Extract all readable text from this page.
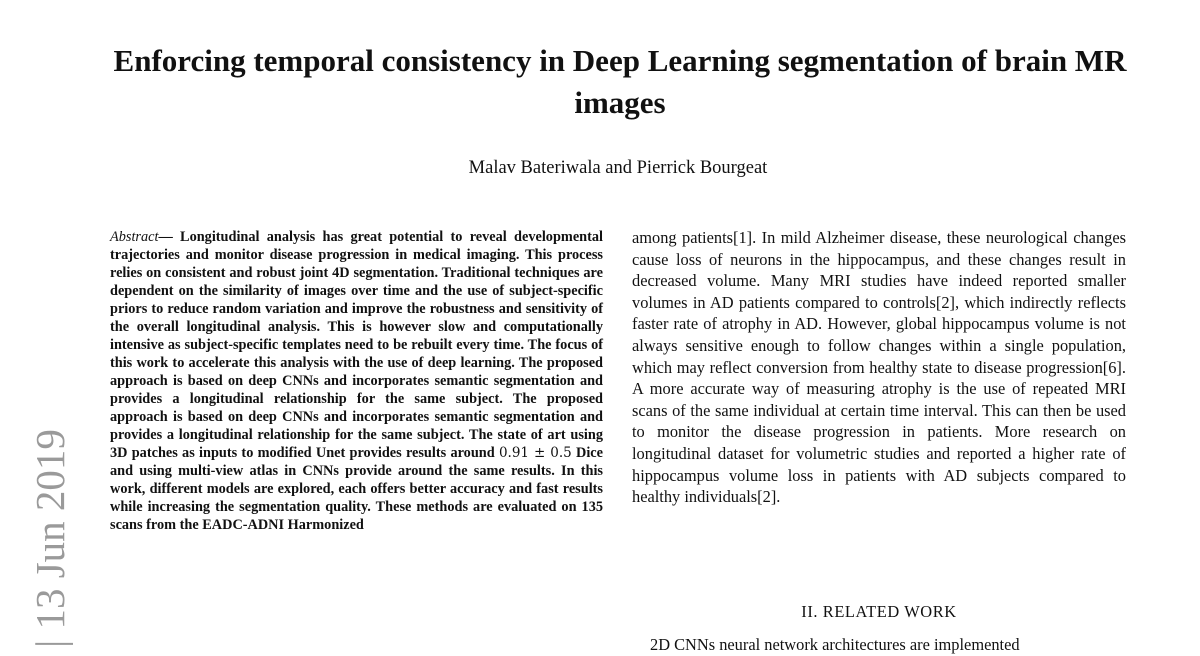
Enforcing temporal consistency in Deep Learning segmentation of brain MR images
Malav Bateriwala and Pierrick Bourgeat
| 13 Jun 2019
Abstract— Longitudinal analysis has great potential to reveal developmental trajectories and monitor disease progression in medical imaging. This process relies on consistent and robust joint 4D segmentation. Traditional techniques are dependent on the similarity of images over time and the use of subject-specific priors to reduce random variation and improve the robustness and sensitivity of the overall longitudinal analysis. This is however slow and computationally intensive as subject-specific templates need to be rebuilt every time. The focus of this work to accelerate this analysis with the use of deep learning. The proposed approach is based on deep CNNs and incorporates semantic segmentation and provides a longitudinal relationship for the same subject. The proposed approach is based on deep CNNs and incorporates semantic segmentation and provides a longitudinal relationship for the same subject. The state of art using 3D patches as inputs to modified Unet provides results around 0.91 ± 0.5 Dice and using multi-view atlas in CNNs provide around the same results. In this work, different models are explored, each offers better accuracy and fast results while increasing the segmentation quality. These methods are evaluated on 135 scans from the EADC-ADNI Harmonized
among patients[1]. In mild Alzheimer disease, these neurological changes cause loss of neurons in the hippocampus, and these changes result in decreased volume. Many MRI studies have indeed reported smaller volumes in AD patients compared to controls[2], which indirectly reflects faster rate of atrophy in AD. However, global hippocampus volume is not always sensitive enough to follow changes within a single population, which may reflect conversion from healthy state to disease progression[6]. A more accurate way of measuring atrophy is the use of repeated MRI scans of the same individual at certain time interval. This can then be used to monitor the disease progression in patients. More research on longitudinal dataset for volumetric studies and reported a higher rate of hippocampus volume loss in patients with AD subjects compared to healthy individuals[2].
II. RELATED WORK
2D CNNs neural network architectures are implemented
